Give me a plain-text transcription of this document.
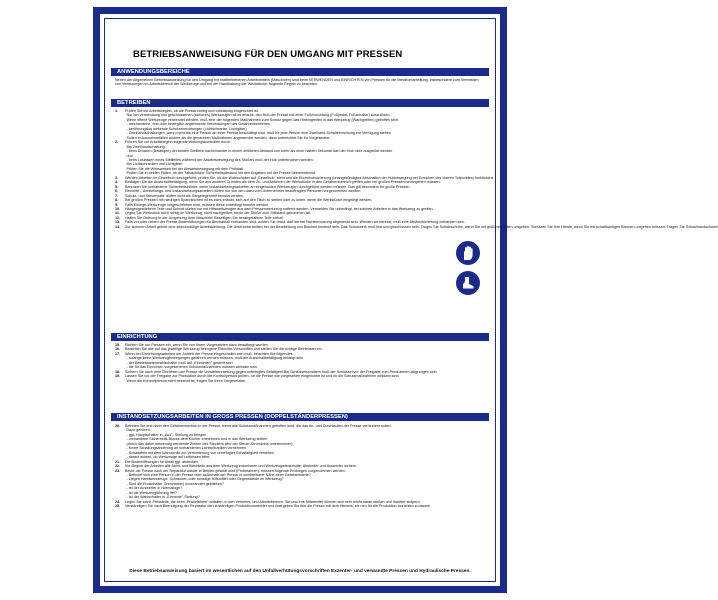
BETRIEBSANWEISUNG FÜR DEN UMGANG MIT PRESSEN
ANWENDUNGSBEREICHE
Neben der Allgemeinen Betriebsanweisung für den Umgang mit kraftbetriebenen Arbeitsmitteln (Maschinen) sind beim VERWENDEN und EINRICHTEN von Pressen für die Metallverarbeitung, insbesondere zum Vermeiden von Verletzungen im Arbeitsbereich der Werkzeuge und bei der Handhabung der Werkstücke, folgende Regeln zu beachten.
BETREIBEN
1.	Prüfen Sie vor Arbeitsbeginn, ob die Presse richtig und vollständig eingerichtet ist.
Nur bei Verwendung von geschlossenen (sicheren) Werkzeugen ist es erlaubt, den Hub der Presse mit einer Fußeinrichtung (Fußpedal, Fußschalter) auszulösen.
Wenn offene Werkzeuge verwendet werden, muß eine der folgenden Maßnahmen zum Schutz gegen das Hineingreifen in das Werkzeug (Wachgreifen) getroffen sein:
- mechanische, fest oder beweglich angebrachte Verdeckungen des Gefahrenbereiches
- berührungslos wirkende Schutzeinrichtungen (Lichtschranke, Lichtgitter)
- Zweihandschaltungen, wenn mehr als eine Person an einer Presse beschäftigt sind, muß für jede Person eine Zweihand-Schalteinrichtung zur Verfügung stehen
Sollen in Ausnahmefällen andere als die genannten Maßnahmen angewendet werden, dann unterrichtet Sie Ihr Vorgesetzter.
2.	Führen Sie vor Arbeitsbeginn folgende Wirkungskontrollen durch.
Bei Zweihandschaltung:
- beim Drücken (Betätigen) der beiden Stellteile nacheinander in einem zeitlichen Abstand von mehr als einer halben Sekunde darf der Hub nicht ausgelöst werden
und
- beim Loslassen eines Stellteiles während der Abwärtsbewegung des Stößels muß der Hub unterbrochen werden.
Bei Lichtschranken und Lichtgitter:
Prüfen Sie die Wirksamkeit bei der Abwärtsbewegung mit dem Prüfstab.
Prüfen Sie in beiden Fällen, ob der Tatsächliche Sicherheitsabstand mit den Angaben auf der Presse übereinstimmt.
3.	Werden Arbeiten im Einzelhub durchgeführt, prüfen Sie, ob der Wahlschalter auf „Einzelhub" steht und die Einzelhubsicherung (unangekündigtes Abschalten der Hubbewegung bei Erreichen des oberen Totpunktes) funktioniert.
4.	Betätigen Sie die Ausschaltbetätigung, wenn Sie aus anderen Gründen als dem Zu- und Abführen der Werkstücke in den Gefahrenbereich greifen oder bei großen Pressen hineingehen müssen.
5.	Benutzen Sie vorhandene Sicherheitsblöcke, wenn Instandsetzungsarbeiten an eingebauten Werkzeugen durchgeführt werden müssen. Das gilt besonders für große Pressen.
6.	Einrichte-, Umstellungs- und Instandsetzungsarbeiten dürfen nur von den dazu vom Unternehmer beauftragten Personen vorgenommen werden.
7.	Schutz- und Steuerpulte dürfen nicht als Sitzgelegenheit benutzt werden.
8.	Bei großen Pressen mit niedrigen Spanntischen ist es nicht erlaubt, sich auf den Tisch zu stellen oder zu knien, wenn die Werkstücke eingelegt werden.
9.	Falls Einlege-Werkzeuge vorgeschrieben sind, müssen diese unbedingt benutzt werden.
10.	Hängengebliebene Teile und Schrott dürfen nur mit Hilfswerkzeugen aus dem Pressenwerkzeug entfernt werden. Vermeiden Sie unbedingt, bei solchen Arbeiten in das Werkzeug zu greifen.
11.	Legen Sie Werkstück nicht richtig im Werkzeug, nicht nachgreifen, bevor der Stößel zum Stillstand gekommen ist!
12.	Halten Sie Ordnung in der Umgebung Ihrer Maschine! Beseitigen Sie herabgefallene Teile sofort!
13.	Falls vor oder neben der Presse Bodenöffnungen für Blechabfall vorhanden sind, achten Sie drauf, daß sie bei Nichtbenutzung abgedeckt sind. Werden sie benutzt, muß eine Absturzsicherung vorhanden sein.
14.	Zur sicheren Arbeit gehört eine zweckmäßige Arbeitskleidung. Die Unterarme sollten bei der Bearbeitung von Blechen bedeckt sein. Das Schuhwerk muß fest und geschlossen sein. Tragen Sie Schutzschuhe, wenn Sie mit größeren Teilen umgehen. Schützen Sie Ihre Hände, wenn Sie mit scharfkantigen Blechen umgehen müssen. Tragen Sie Schutzhandschuhe!
EINRICHTUNG
15.	Richten Sie nur Pressen ein, wenn Sie von Ihrem Vorgesetzten dazu beauftragt wurden.
16.	Beachten Sie alle auf das jeweilige Werkzeug bezogene Einrichte-Vorschriften und stellen Sie die richtige Betriebsart ein.
17.	Wenn bei Einrichtungsarbeiten der Antrieb der Presse eingeschaltet sein muß, beachten Sie folgendes.
- solange keine Werkzeugbewegungen gefahren werden müssen, muß die Ausschaltbetätigung betätigt sein
- der Betriebsartenwahlschalter muß auf „Einrichten" gestellt sein
- die für das Einrichten vorgesehenen Schutzmaßnahmen müssen wirksam sein.
18.	Sichern Sie nach dem Einrichten der Presse die Umstelleinrichtung gegen unbefugtes Betätigen! Bei Schlüsselschaltern muß der Schlüssel vor der Freigabe zum Produzieren abgezogen sein.
19.	Lassen Sie vor der Freigabe zur Produktion durch die Kontrollperson prüfen, ob die Presse wie vorgesehen eingerichtet ist und ob die Schutzmaßnahmen wirksam sind.
Wenn die Kontrollperson nicht bekannt ist, fragen Sie Ihren Vorgesetzten.
INSTANDSETZUNGSARBEITEN IN GROSS PRESSEN (DOPPELSTÄNDERPRESSEN)
20.	Betreten Sie erst dann den Gefahrenbereich in der Presse, wenn alle Schutzmaßnahmen getroffen sind, die das An- und Durchlaufen der Presse verhindern sollen.
Dazu gehören:
- ggf. Hauptschalter in „Aus"- Stellung zu bringen
- vorhandene Sicherheits-Blocks dem Köcher entnehmen und in das Werkzeug stellen
(durch das dabei notwendig werdende Ziehen des Steckers wird der Steuer-Stromkreis unterbrochen)
- Keine Schaltungsänderung an vorhandenen Lichtschranken vornehmen
- Schaltafeln mit dem Warnschild zur Verhinderung von unbefugter Schaltätigkeit versehen
- darauf achten, ob Werkzeuge auf Luftkissen fährt.
21.	Die Bodenöffnungen für Abfall ggf. abdecken.
22.	Vor Beginn der Arbeiten alle Abhil- und Blechteile aus dem Werkzeug entnehmen und Werkzeugwiederholte; Abstreifer und Auswerfer sichern.
23.	Bevor die Presse nach der Reparatur wieder in Betrieb gesetzt wird (Probefahren), müssen folgende Prüfungen vorgenommen werden.
- Befindet sich eine Person in der Presse oder außerhalb der Presse in unmittelbarer Nähe einer Gefahrenstelle?
- Liegen Handwerkzeuge, Schrauben oder sonstige Hilfsmittel oder Gegenstände im Werkzeug?
- Sind die Endschalter Grenztaster) unverändert geblieben?
- Ist der Auswerfer in Normallage?
- Ist die Werkzeugführung frei?
- Ist der Wahlschalter in „Einrichte"-Stellung?
24.	Legen Sie keine Pressteile, die beim „Probefahren" anfallen, in den Verkehrs- und Arbeitsbereich. Sie und Ihre Mitarbeiter können sich sehr leicht daran stoßen und darüber stolpern.
25.	Verständigen Sie nach Beendigung der Reparatur den zuständigen Produktionsmeister und übergeben Sie ihm die Presse mit dem Hinweis, sie neu für die Produktion einrichten zu lassen
Diese Betriebsanweisung basiert im wesentlichen auf den Unfallverhütungsvorschriften Exzenter- und verwandte Pressen und Hydraulische Pressen.
